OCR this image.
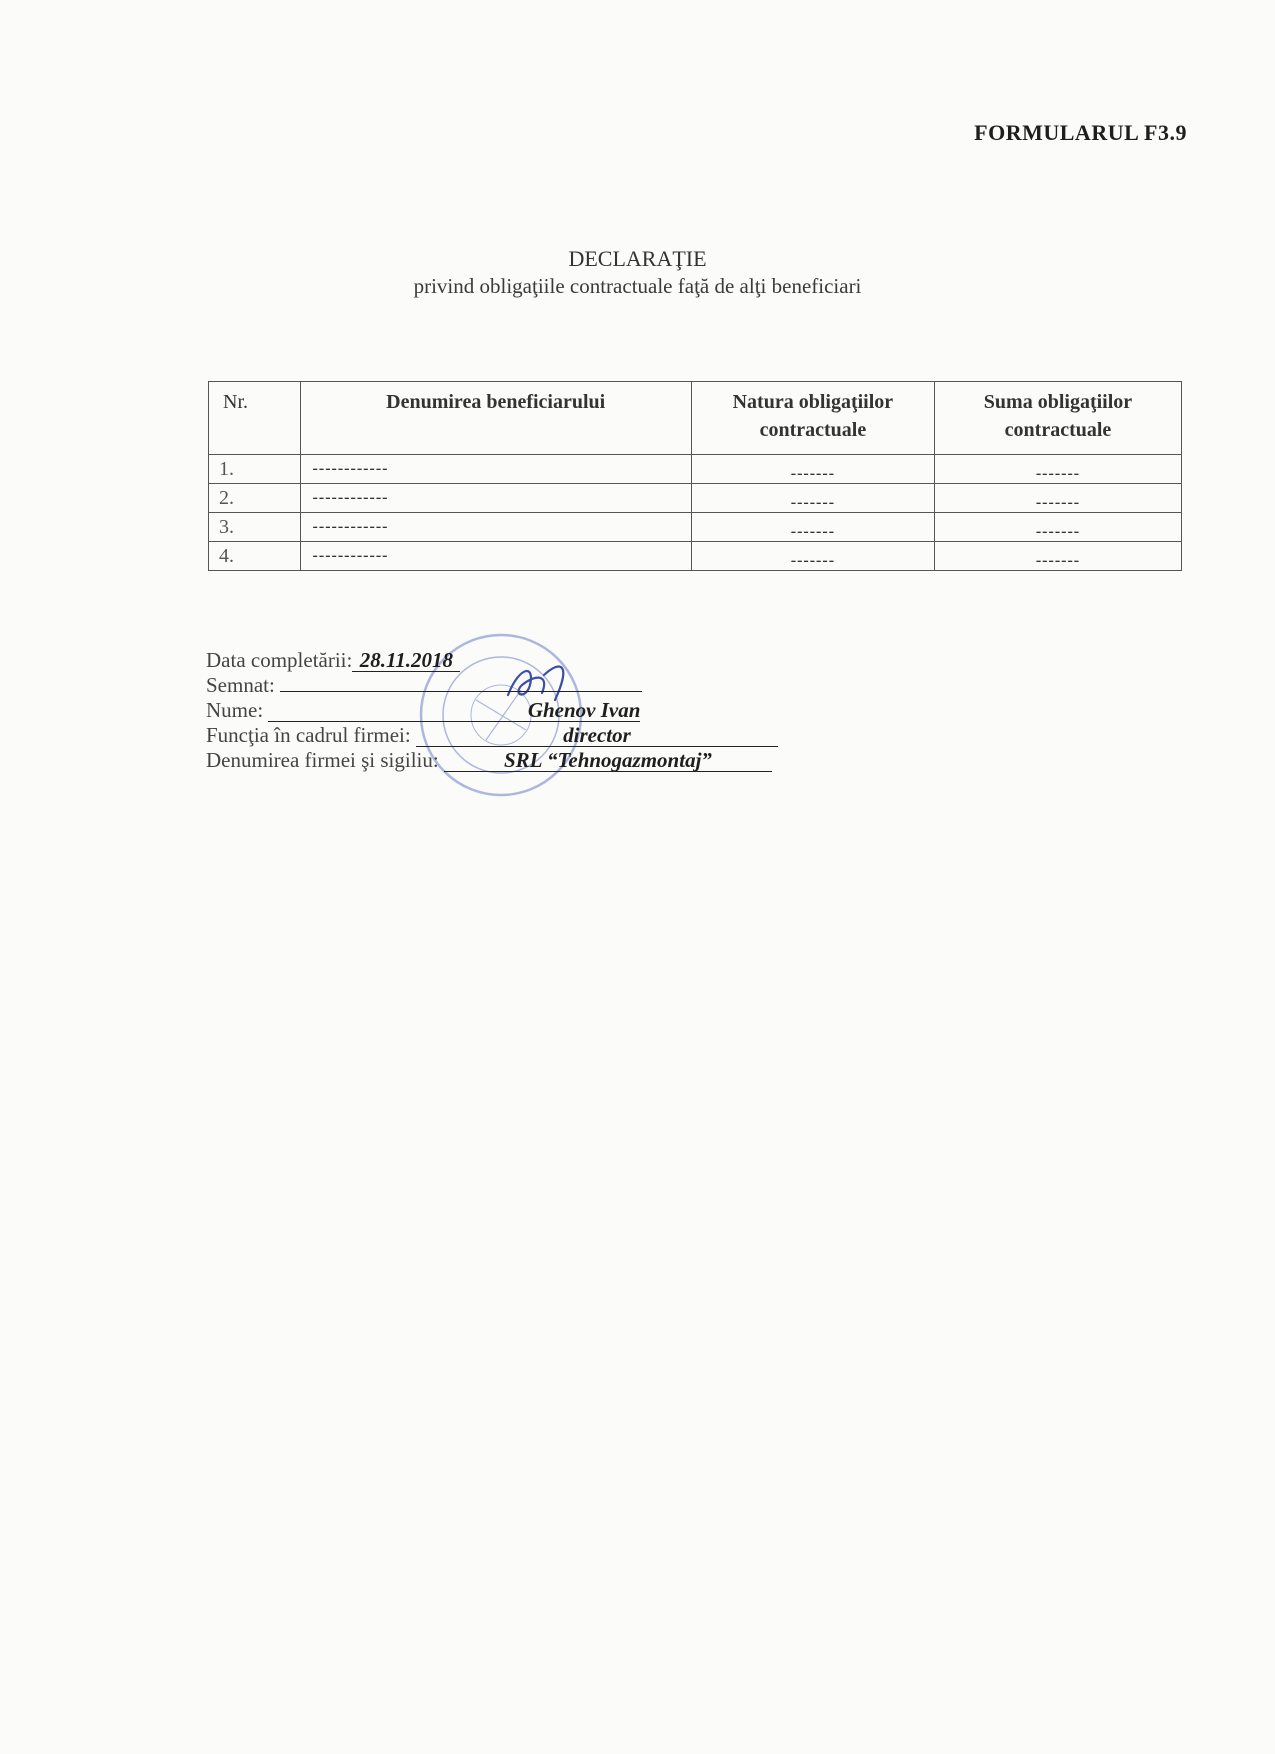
FORMULARUL F3.9
DECLARAŢIE
privind obligaţiile contractuale faţă de alţi beneficiari
Nr.	Denumirea beneficiarului	Natura obligaţiilor contractuale	Suma obligaţiilor contractuale
1.	------------	-------	-------
2.	------------	-------	-------
3.	------------	-------	-------
4.	------------	-------	-------
Data completării: 28.11.2018
Semnat:
Nume:	Ghenov Ivan
Funcţia în cadrul firmei:	director
Denumirea firmei şi sigiliu:	SRL “Tehnogazmontaj”
